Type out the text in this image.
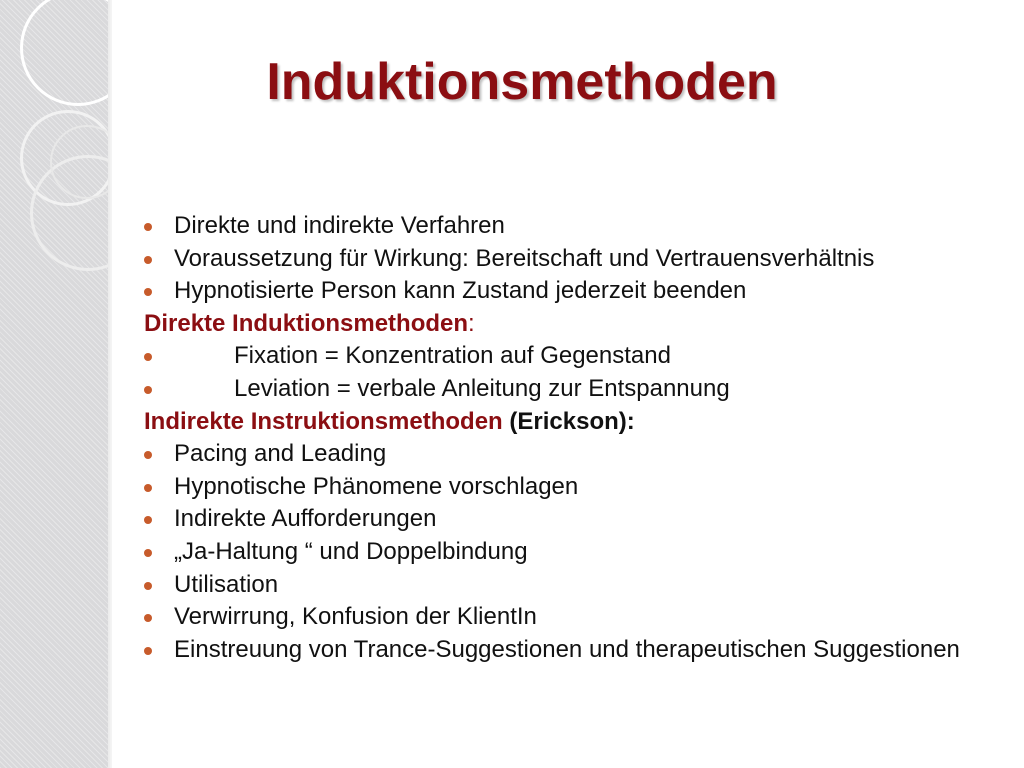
Induktionsmethoden
Direkte und indirekte Verfahren
Voraussetzung für Wirkung: Bereitschaft und Vertrauensverhältnis
Hypnotisierte Person kann Zustand jederzeit beenden
Direkte Induktionsmethoden:
Fixation = Konzentration auf Gegenstand
Leviation = verbale Anleitung zur Entspannung
Indirekte Instruktionsmethoden (Erickson):
Pacing and Leading
Hypnotische Phänomene vorschlagen
Indirekte Aufforderungen
„Ja-Haltung “ und Doppelbindung
Utilisation
Verwirrung, Konfusion der KlientIn
Einstreuung von Trance-Suggestionen und therapeutischen Suggestionen
